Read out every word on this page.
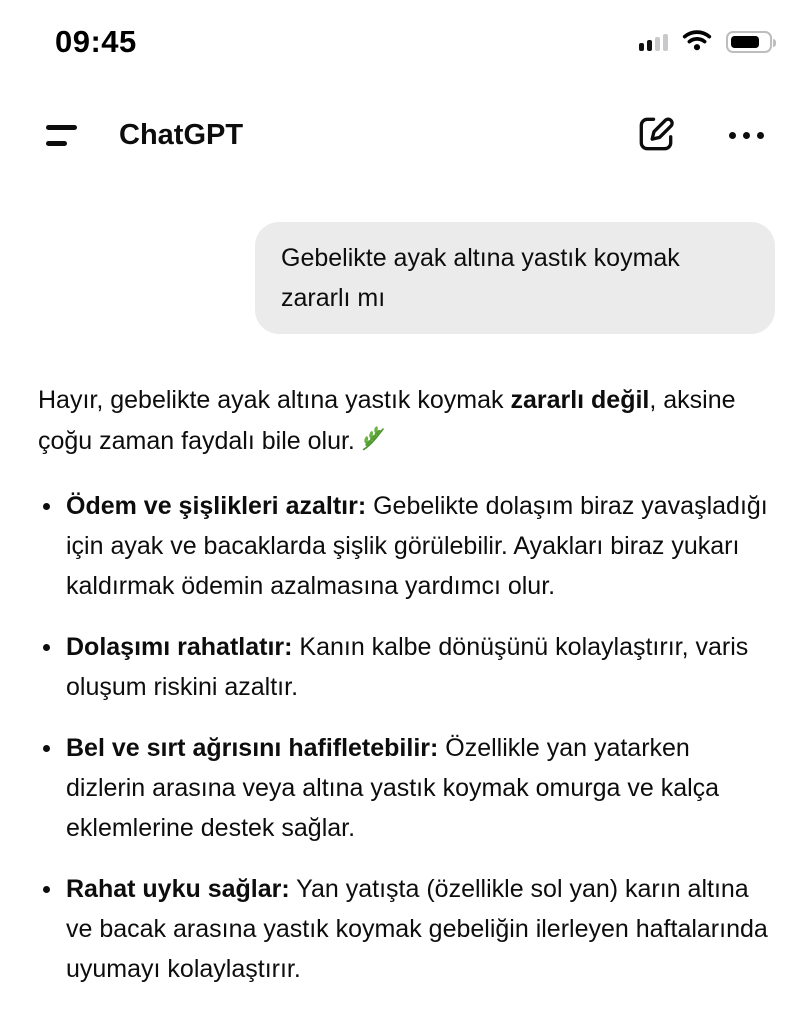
09:45
ChatGPT
Gebelikte ayak altına yastık koymak zararlı mı

Hayır, gebelikte ayak altına yastık koymak zararlı değil, aksine çoğu zaman faydalı bile olur.

Ödem ve şişlikleri azaltır: Gebelikte dolaşım biraz yavaşladığı için ayak ve bacaklarda şişlik görülebilir. Ayakları biraz yukarı kaldırmak ödemin azalmasına yardımcı olur.
Dolaşımı rahatlatır: Kanın kalbe dönüşünü kolaylaştırır, varis oluşum riskini azaltır.
Bel ve sırt ağrısını hafifletebilir: Özellikle yan yatarken dizlerin arasına veya altına yastık koymak omurga ve kalça eklemlerine destek sağlar.
Rahat uyku sağlar: Yan yatışta (özellikle sol yan) karın altına ve bacak arasına yastık koymak gebeliğin ilerleyen haftalarında uyumayı kolaylaştırır.
